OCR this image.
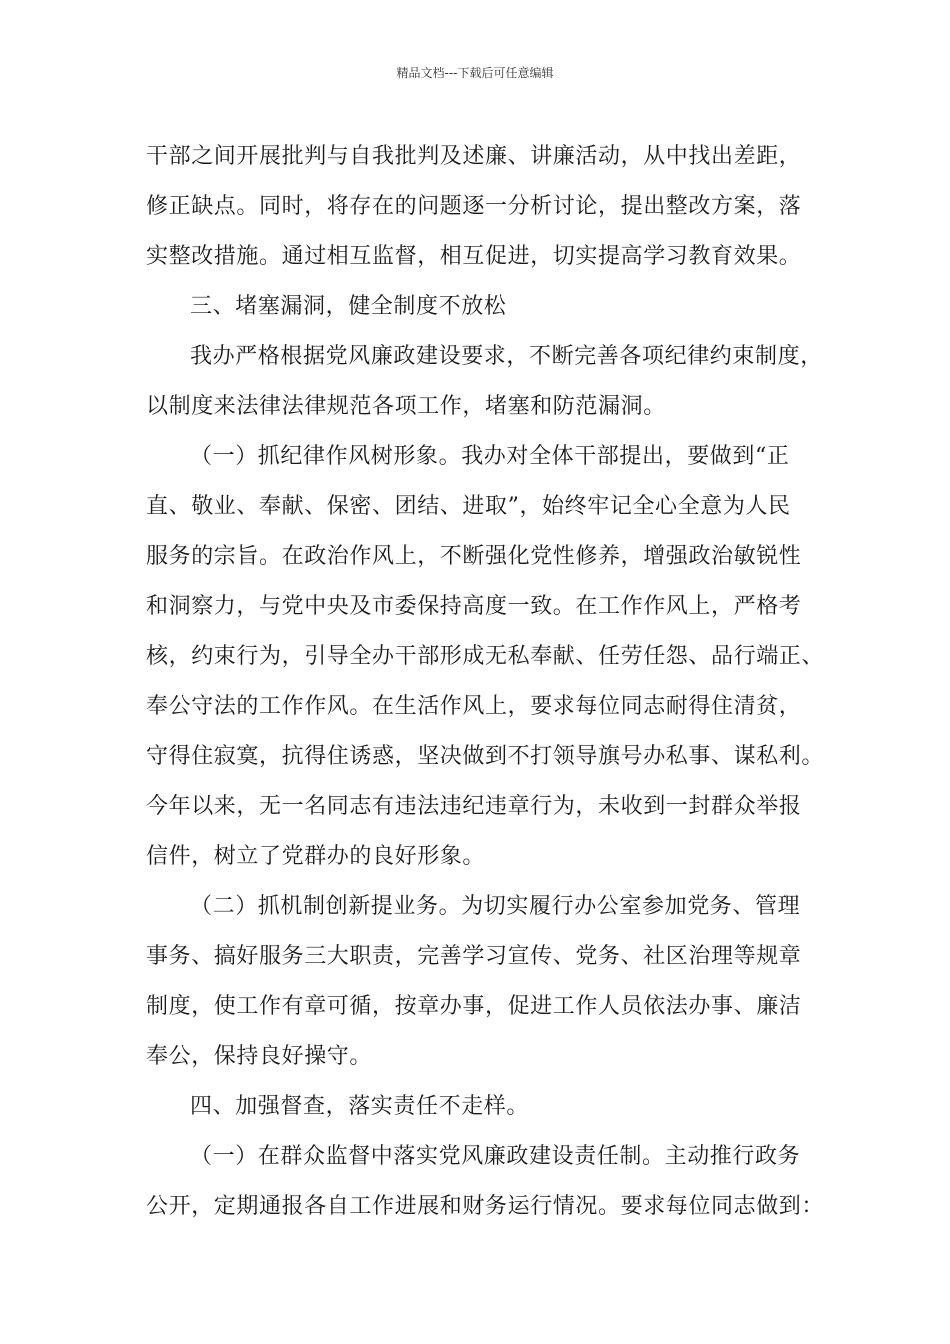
精品文档---下载后可任意编辑
干部之间开展批判与自我批判及述廉、讲廉活动，从中找出差距，
修正缺点。同时，将存在的问题逐一分析讨论，提出整改方案，落
实整改措施。通过相互监督，相互促进，切实提高学习教育效果。
三、堵塞漏洞，健全制度不放松
我办严格根据党风廉政建设要求，不断完善各项纪律约束制度，
以制度来法律法律规范各项工作，堵塞和防范漏洞。
（一）抓纪律作风树形象。我办对全体干部提出，要做到“正
直、敬业、奉献、保密、团结、进取”，始终牢记全心全意为人民
服务的宗旨。在政治作风上，不断强化党性修养，增强政治敏锐性
和洞察力，与党中央及市委保持高度一致。在工作作风上，严格考
核，约束行为，引导全办干部形成无私奉献、任劳任怨、品行端正、
奉公守法的工作作风。在生活作风上，要求每位同志耐得住清贫，
守得住寂寞，抗得住诱惑，坚决做到不打领导旗号办私事、谋私利。
今年以来，无一名同志有违法违纪违章行为，未收到一封群众举报
信件，树立了党群办的良好形象。
（二）抓机制创新提业务。为切实履行办公室参加党务、管理
事务、搞好服务三大职责，完善学习宣传、党务、社区治理等规章
制度，使工作有章可循，按章办事，促进工作人员依法办事、廉洁
奉公，保持良好操守。
四、加强督查，落实责任不走样。
（一）在群众监督中落实党风廉政建设责任制。主动推行政务
公开，定期通报各自工作进展和财务运行情况。要求每位同志做到：
